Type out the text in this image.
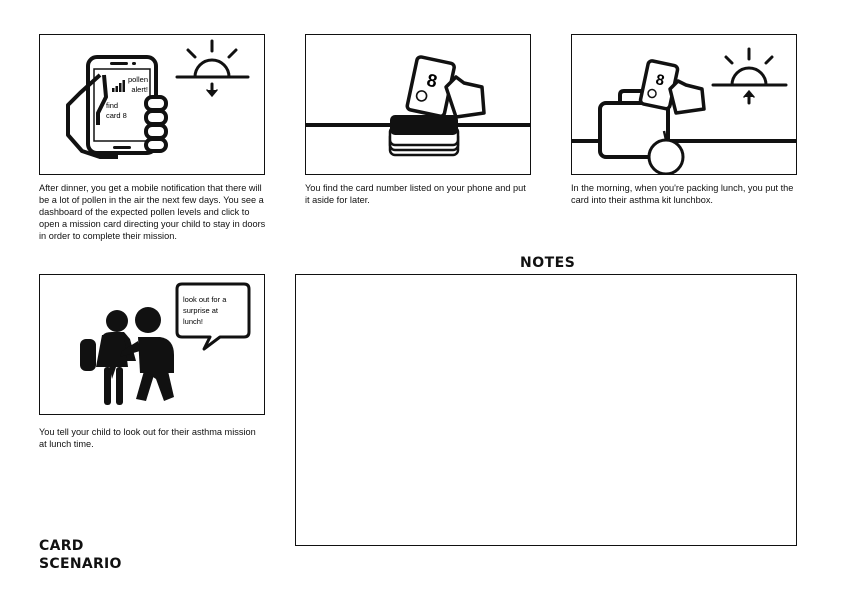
pollen
alert!
find
card 8
After dinner, you get a mobile notification that there will be a lot of pollen in the air the next few days. You see a dashboard of the expected pollen levels and click to open a mission card directing your child to stay in doors in order to complete their mission.
8
You find the card number listed on your phone and put it aside for later.
8
In the morning, when you're packing lunch, you put the card into their asthma kit lunchbox.
look out for a
surprise at
lunch!
You tell your child to look out for their asthma mission at lunch time.
NOTES
CARD
SCENARIO
